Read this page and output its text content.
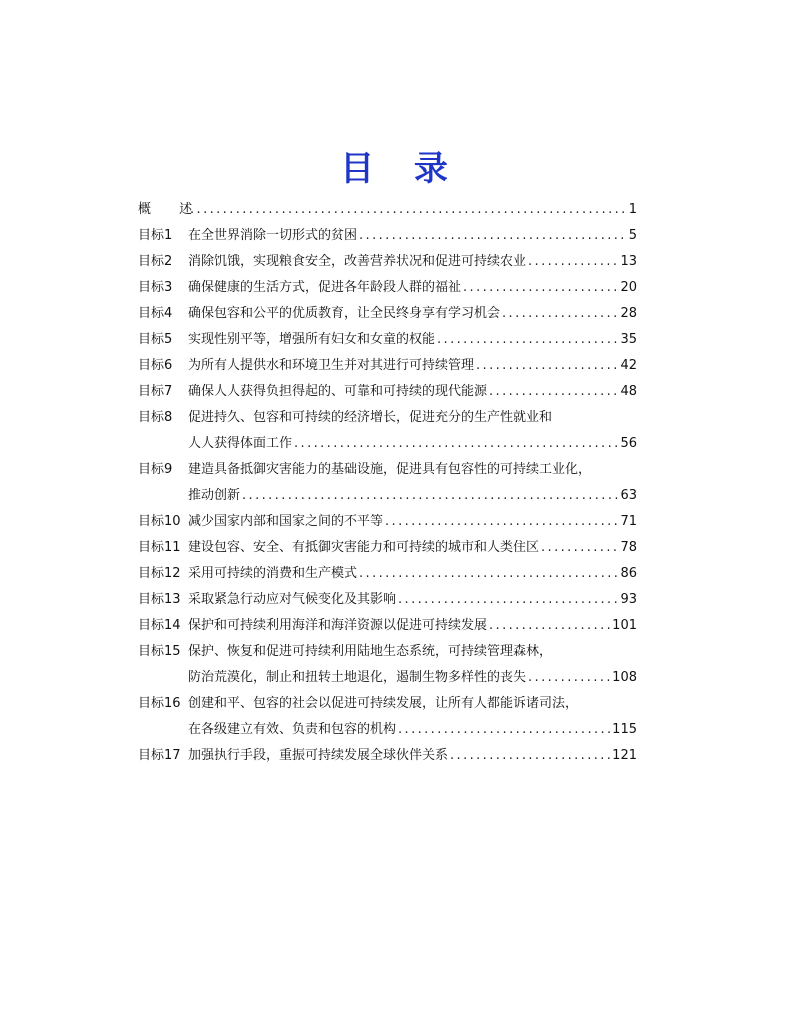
目 录
概 述 .....	1
目标1	在全世界消除一切形式的贫困 .....	5
目标2	消除饥饿，实现粮食安全，改善营养状况和促进可持续农业 .....	13
目标3	确保健康的生活方式，促进各年龄段人群的福祉 .....	20
目标4	确保包容和公平的优质教育，让全民终身享有学习机会 .....	28
目标5	实现性别平等，增强所有妇女和女童的权能 .....	35
目标6	为所有人提供水和环境卫生并对其进行可持续管理 .....	42
目标7	确保人人获得负担得起的、可靠和可持续的现代能源 .....	48
目标8	促进持久、包容和可持续的经济增长，促进充分的生产性就业和
人人获得体面工作 .....	56
目标9	建造具备抵御灾害能力的基础设施，促进具有包容性的可持续工业化，
推动创新 .....	63
目标10 减少国家内部和国家之间的不平等 .....	71
目标11 建设包容、安全、有抵御灾害能力和可持续的城市和人类住区 .....	78
目标12 采用可持续的消费和生产模式 .....	86
目标13 采取紧急行动应对气候变化及其影响 .....	93
目标14 保护和可持续利用海洋和海洋资源以促进可持续发展 .....	101
目标15 保护、恢复和促进可持续利用陆地生态系统，可持续管理森林，
防治荒漠化，制止和扭转土地退化，遏制生物多样性的丧失 .....	108
目标16 创建和平、包容的社会以促进可持续发展，让所有人都能诉诸司法，
在各级建立有效、负责和包容的机构 .....	115
目标17 加强执行手段，重振可持续发展全球伙伴关系 .....	121
